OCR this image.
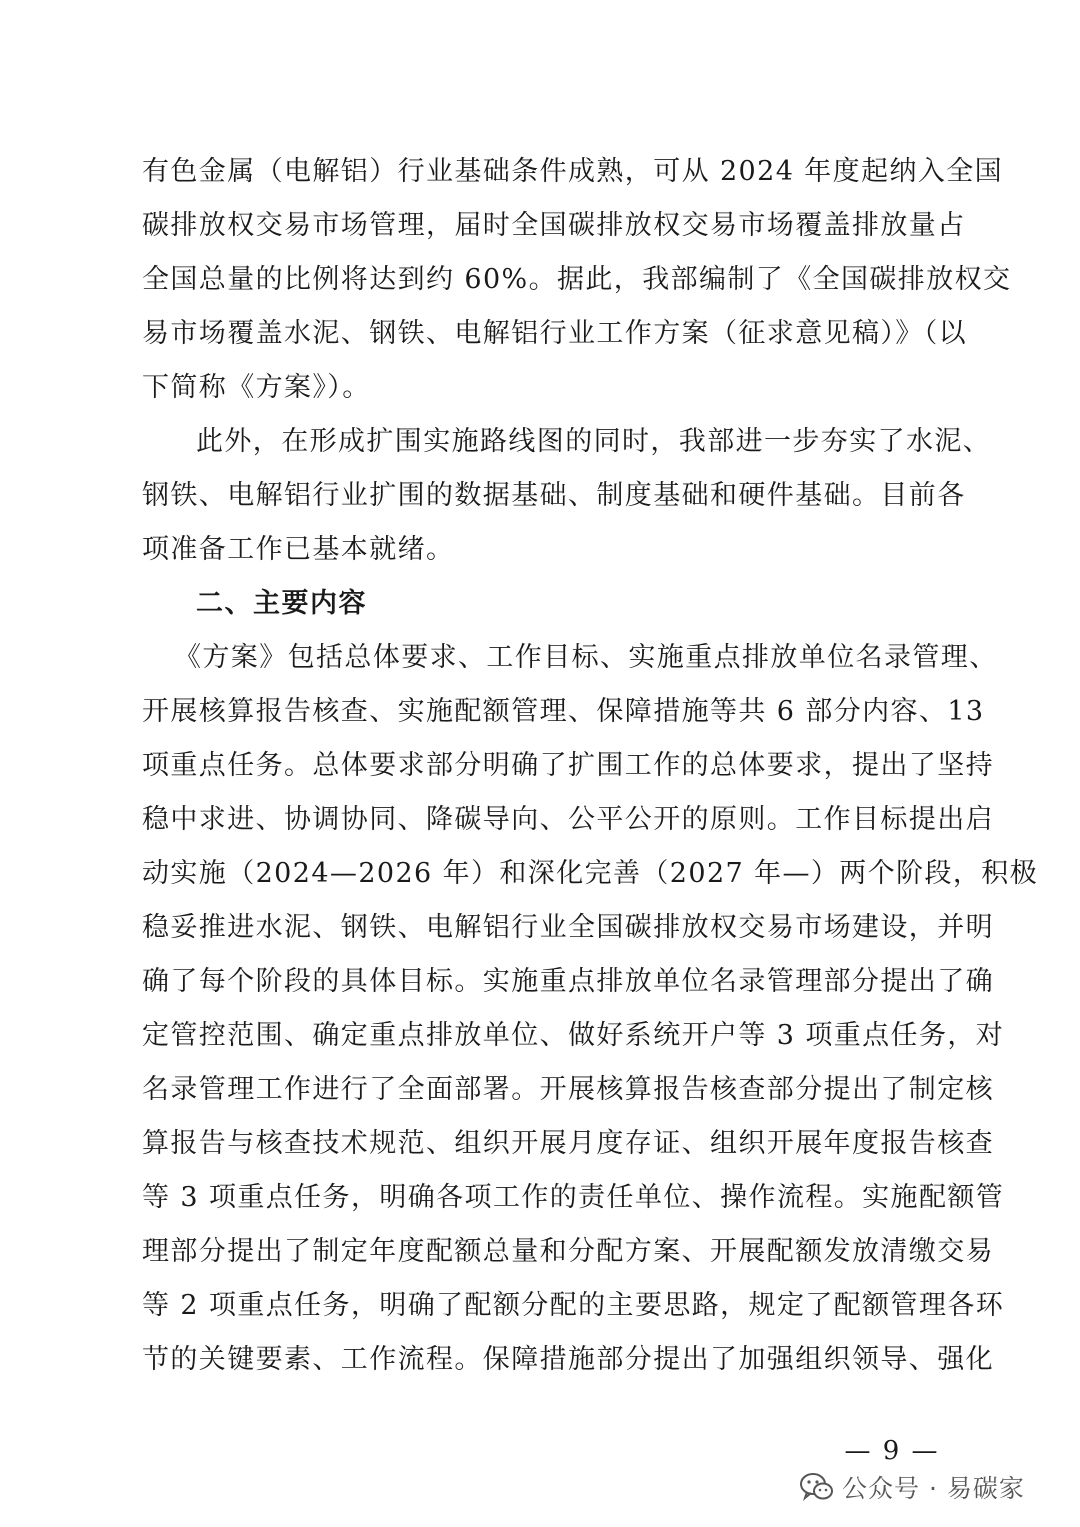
有色金属（电解铝）行业基础条件成熟，可从 2024 年度起纳入全国
碳排放权交易市场管理，届时全国碳排放权交易市场覆盖排放量占
全国总量的比例将达到约 60%。据此，我部编制了《全国碳排放权交
易市场覆盖水泥、钢铁、电解铝行业工作方案（征求意见稿）》（以
下简称《方案》）。
此外，在形成扩围实施路线图的同时，我部进一步夯实了水泥、
钢铁、电解铝行业扩围的数据基础、制度基础和硬件基础。目前各
项准备工作已基本就绪。
二、主要内容
《方案》包括总体要求、工作目标、实施重点排放单位名录管理、
开展核算报告核查、实施配额管理、保障措施等共 6 部分内容、13
项重点任务。总体要求部分明确了扩围工作的总体要求，提出了坚持
稳中求进、协调协同、降碳导向、公平公开的原则。工作目标提出启
动实施（2024—2026 年）和深化完善（2027 年—）两个阶段，积极
稳妥推进水泥、钢铁、电解铝行业全国碳排放权交易市场建设，并明
确了每个阶段的具体目标。实施重点排放单位名录管理部分提出了确
定管控范围、确定重点排放单位、做好系统开户等 3 项重点任务，对
名录管理工作进行了全面部署。开展核算报告核查部分提出了制定核
算报告与核查技术规范、组织开展月度存证、组织开展年度报告核查
等 3 项重点任务，明确各项工作的责任单位、操作流程。实施配额管
理部分提出了制定年度配额总量和分配方案、开展配额发放清缴交易
等 2 项重点任务，明确了配额分配的主要思路，规定了配额管理各环
节的关键要素、工作流程。保障措施部分提出了加强组织领导、强化
— 9 —
公众号 · 易碳家
